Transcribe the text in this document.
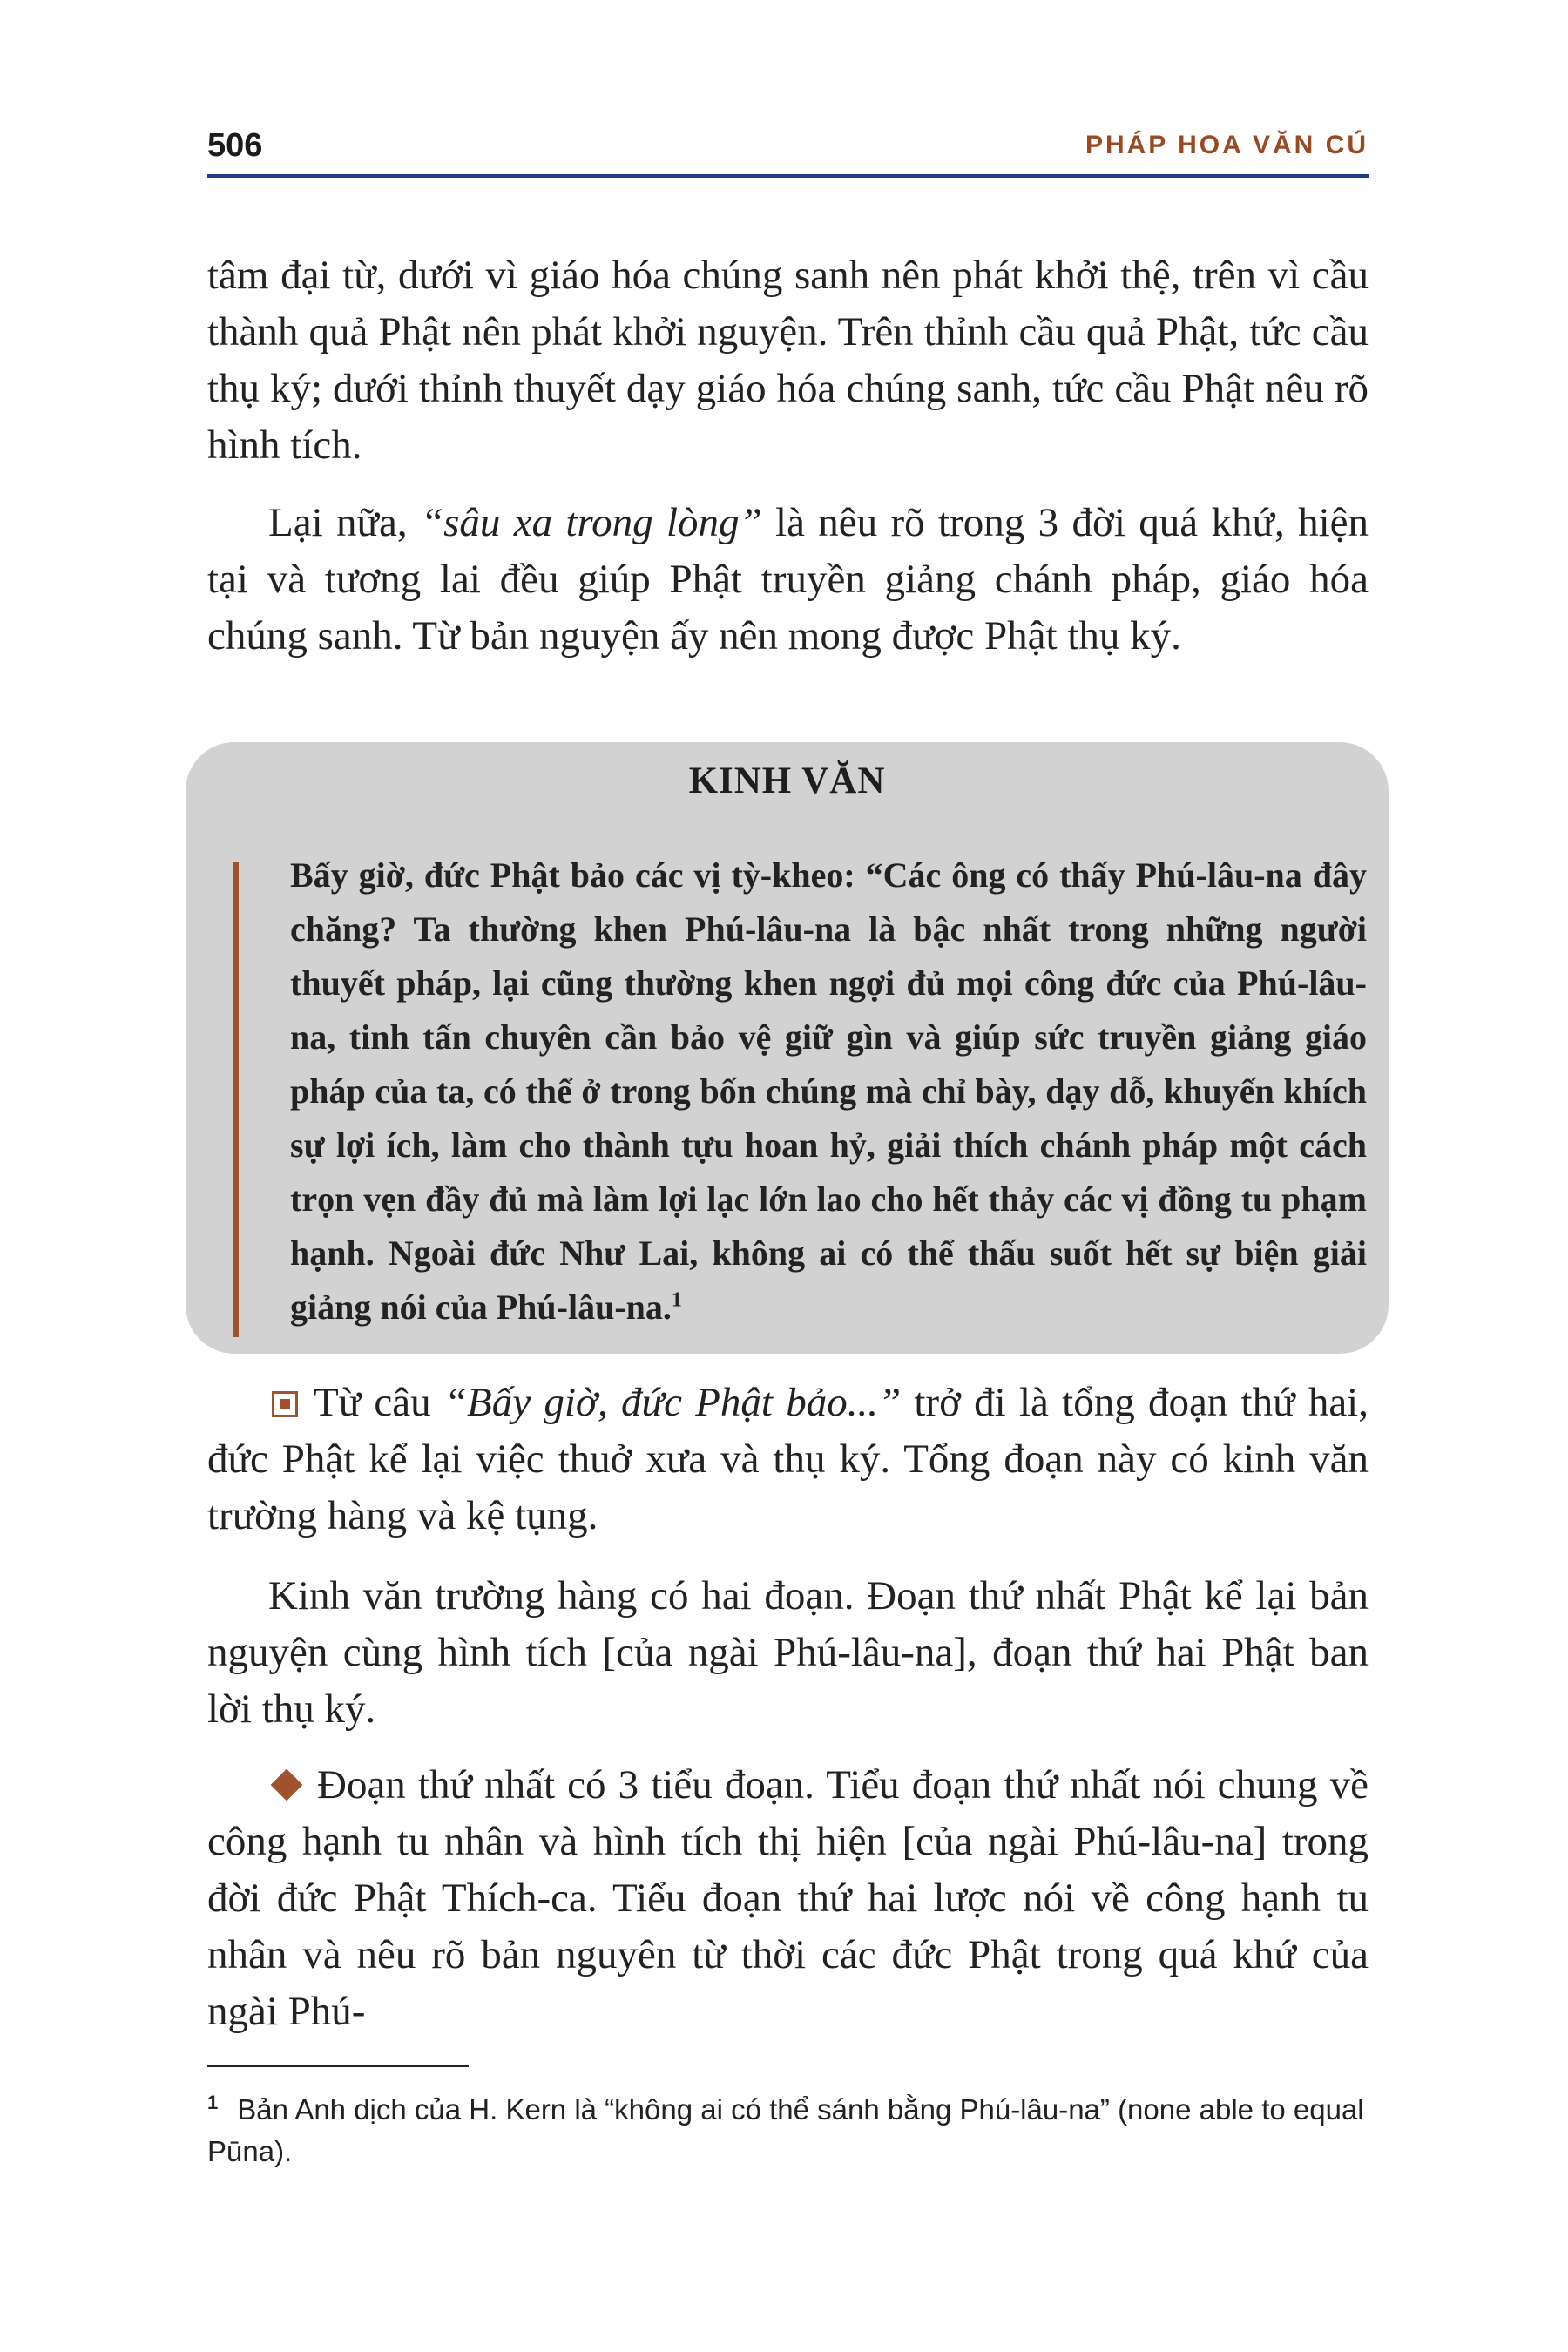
506	PHÁP HOA VĂN CÚ

tâm đại từ, dưới vì giáo hóa chúng sanh nên phát khởi thệ, trên vì cầu thành quả Phật nên phát khởi nguyện. Trên thỉnh cầu quả Phật, tức cầu thụ ký; dưới thỉnh thuyết dạy giáo hóa chúng sanh, tức cầu Phật nêu rõ hình tích.

Lại nữa, “sâu xa trong lòng” là nêu rõ trong 3 đời quá khứ, hiện tại và tương lai đều giúp Phật truyền giảng chánh pháp, giáo hóa chúng sanh. Từ bản nguyện ấy nên mong được Phật thụ ký.

KINH VĂN

Bấy giờ, đức Phật bảo các vị tỳ-kheo: “Các ông có thấy Phú-lâu-na đây chăng? Ta thường khen Phú-lâu-na là bậc nhất trong những người thuyết pháp, lại cũng thường khen ngợi đủ mọi công đức của Phú-lâu-na, tinh tấn chuyên cần bảo vệ giữ gìn và giúp sức truyền giảng giáo pháp của ta, có thể ở trong bốn chúng mà chỉ bày, dạy dỗ, khuyến khích sự lợi ích, làm cho thành tựu hoan hỷ, giải thích chánh pháp một cách trọn vẹn đầy đủ mà làm lợi lạc lớn lao cho hết thảy các vị đồng tu phạm hạnh. Ngoài đức Như Lai, không ai có thể thấu suốt hết sự biện giải giảng nói của Phú-lâu-na.$^1$

Từ câu “Bấy giờ, đức Phật bảo...” trở đi là tổng đoạn thứ hai, đức Phật kể lại việc thuở xưa và thụ ký. Tổng đoạn này có kinh văn trường hàng và kệ tụng.

Kinh văn trường hàng có hai đoạn. Đoạn thứ nhất Phật kể lại bản nguyện cùng hình tích [của ngài Phú-lâu-na], đoạn thứ hai Phật ban lời thụ ký.

Đoạn thứ nhất có 3 tiểu đoạn. Tiểu đoạn thứ nhất nói chung về công hạnh tu nhân và hình tích thị hiện [của ngài Phú-lâu-na] trong đời đức Phật Thích-ca. Tiểu đoạn thứ hai lược nói về công hạnh tu nhân và nêu rõ bản nguyên từ thời các đức Phật trong quá khứ của ngài Phú-

$^1$ Bản Anh dịch của H. Kern là “không ai có thể sánh bằng Phú-lâu-na” (none able to equal Pūna).
